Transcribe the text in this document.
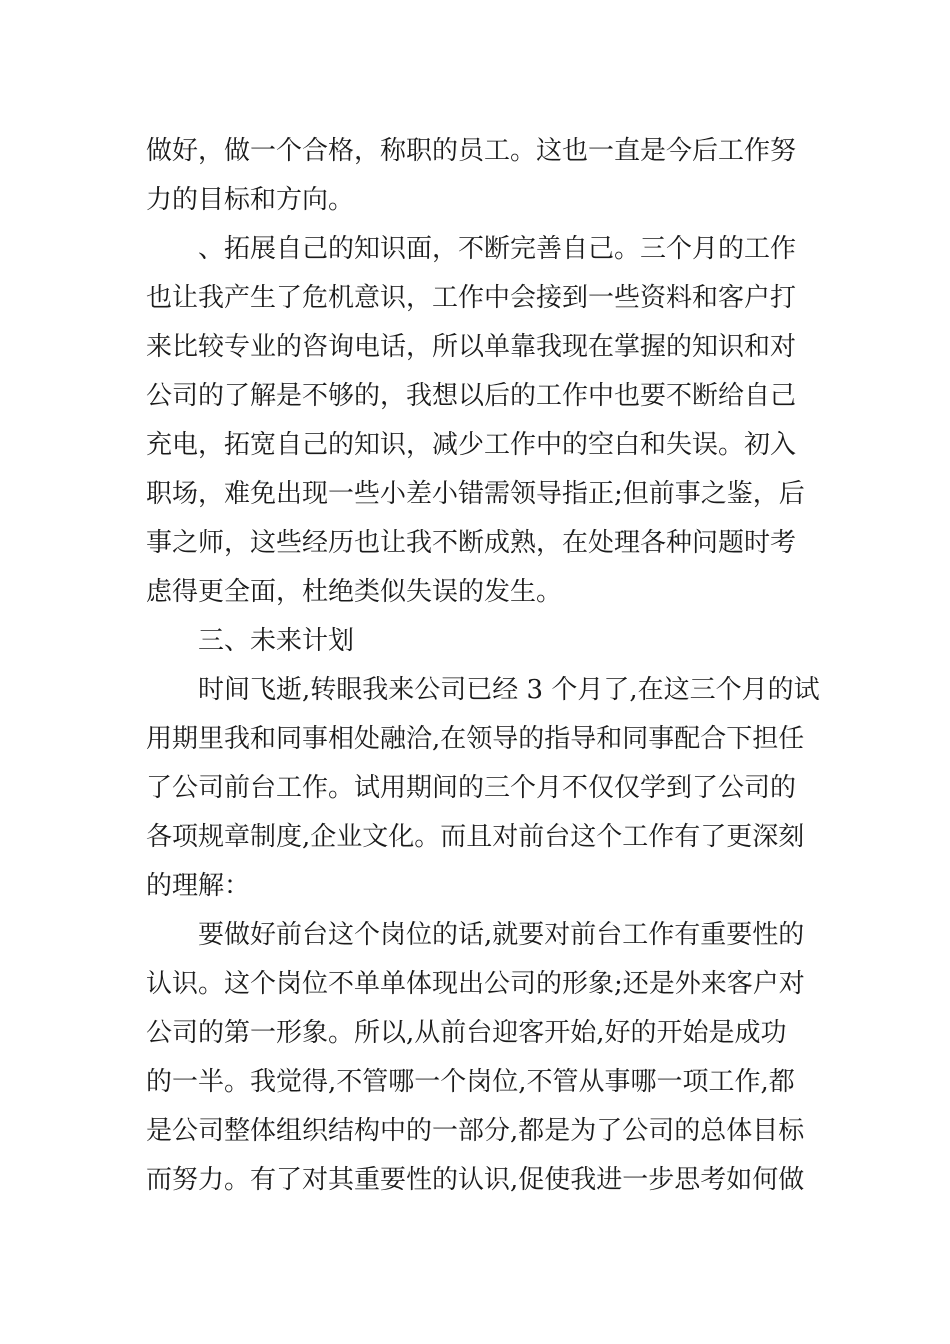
做好，做一个合格，称职的员工。这也一直是今后工作努
力的目标和方向。

、拓展自己的知识面，不断完善自己。三个月的工作
也让我产生了危机意识，工作中会接到一些资料和客户打
来比较专业的咨询电话，所以单靠我现在掌握的知识和对
公司的了解是不够的，我想以后的工作中也要不断给自己
充电，拓宽自己的知识，减少工作中的空白和失误。初入
职场，难免出现一些小差小错需领导指正;但前事之鉴，后
事之师，这些经历也让我不断成熟，在处理各种问题时考
虑得更全面，杜绝类似失误的发生。

三、未来计划

时间飞逝,转眼我来公司已经 3 个月了,在这三个月的试
用期里我和同事相处融洽,在领导的指导和同事配合下担任
了公司前台工作。试用期间的三个月不仅仅学到了公司的
各项规章制度,企业文化。而且对前台这个工作有了更深刻
的理解：

要做好前台这个岗位的话,就要对前台工作有重要性的
认识。这个岗位不单单体现出公司的形象;还是外来客户对
公司的第一形象。所以,从前台迎客开始,好的开始是成功
的一半。我觉得,不管哪一个岗位,不管从事哪一项工作,都
是公司整体组织结构中的一部分,都是为了公司的总体目标
而努力。有了对其重要性的认识,促使我进一步思考如何做
